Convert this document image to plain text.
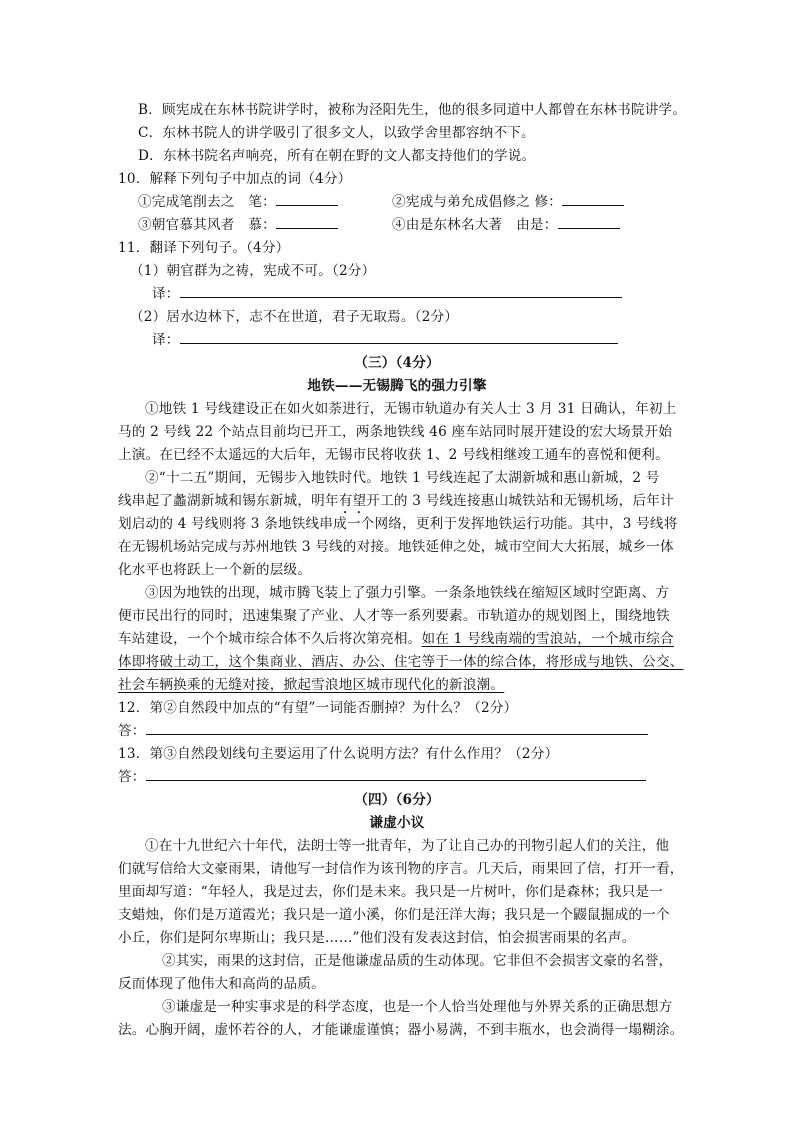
B．顾宪成在东林书院讲学时，被称为泾阳先生，他的很多同道中人都曾在东林书院讲学。
C．东林书院人的讲学吸引了很多文人，以致学舍里都容纳不下。
D．东林书院名声响亮，所有在朝在野的文人都支持他们的学说。
10．解释下列句子中加点的词（4分）
①完成笔削去之　笔：	②宪成与弟允成倡修之 修：
③朝官慕其风者　慕：	④由是东林名大著　由是：
11．翻译下列句子。（4分）
（1）朝官群为之祷，宪成不可。（2分）
译：
（2）居水边林下，志不在世道，君子无取焉。（2分）
译：
（三）（4分）
地铁——无锡腾飞的强力引擎
①地铁 1 号线建设正在如火如荼进行，无锡市轨道办有关人士 3 月 31 日确认，年初上
马的 2 号线 22 个站点目前均已开工，两条地铁线 46 座车站同时展开建设的宏大场景开始
上演。在已经不太遥远的大后年，无锡市民将收获 1、2 号线相继竣工通车的喜悦和便利。
②“十二五”期间，无锡步入地铁时代。地铁 1 号线连起了太湖新城和惠山新城，2 号
线串起了蠡湖新城和锡东新城，明年有望开工的 3 号线连接惠山城铁站和无锡机场，后年计
划启动的 4 号线则将 3 条地铁线串成一个网络，更利于发挥地铁运行功能。其中，3 号线将
在无锡机场站完成与苏州地铁 3 号线的对接。地铁延伸之处，城市空间大大拓展，城乡一体
化水平也将跃上一个新的层级。
③因为地铁的出现，城市腾飞装上了强力引擎。一条条地铁线在缩短区域时空距离、方
便市民出行的同时，迅速集聚了产业、人才等一系列要素。市轨道办的规划图上，围绕地铁
车站建设，一个个城市综合体不久后将次第亮相。如在 1 号线南端的雪浪站，一个城市综合
体即将破土动工，这个集商业、酒店、办公、住宅等于一体的综合体，将形成与地铁、公交、
社会车辆换乘的无缝对接，掀起雪浪地区城市现代化的新浪潮。
12．第②自然段中加点的“有望”一词能否删掉？为什么？（2分）
答：
13．第③自然段划线句主要运用了什么说明方法？有什么作用？（2分）
答：
（四）（6分）
谦虚小议
①在十九世纪六十年代，法朗士等一批青年，为了让自己办的刊物引起人们的关注，他
们就写信给大文豪雨果，请他写一封信作为该刊物的序言。几天后，雨果回了信，打开一看，
里面却写道：“年轻人，我是过去，你们是未来。我只是一片树叶，你们是森林；我只是一
支蜡烛，你们是万道霞光；我只是一道小溪，你们是汪洋大海；我只是一个鼹鼠掘成的一个
小丘，你们是阿尔卑斯山；我只是……”他们没有发表这封信，怕会损害雨果的名声。
②其实，雨果的这封信，正是他谦虚品质的生动体现。它非但不会损害文豪的名誉，
反而体现了他伟大和高尚的品质。
③谦虚是一种实事求是的科学态度，也是一个人恰当处理他与外界关系的正确思想方
法。心胸开阔，虚怀若谷的人，才能谦虚谨慎；器小易满，不到丰瓶水，也会淌得一塌糊涂。
